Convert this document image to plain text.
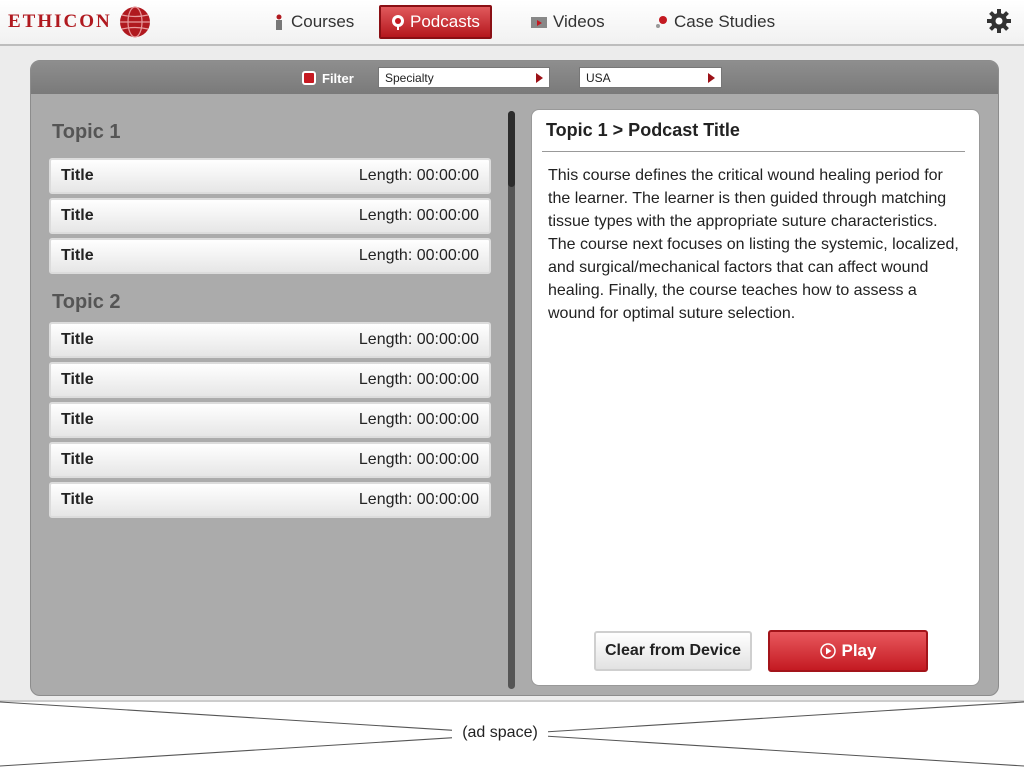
ETHICON	Courses	Podcasts	Videos	Case Studies
Filter	Specialty	USA
Topic 1
Title	Length: 00:00:00
Title	Length: 00:00:00
Title	Length: 00:00:00
Topic 2
Title	Length: 00:00:00
Title	Length: 00:00:00
Title	Length: 00:00:00
Title	Length: 00:00:00
Title	Length: 00:00:00
Topic 1 > Podcast Title
This course defines the critical wound healing period for the learner. The learner is then guided through matching tissue types with the appropriate suture characteristics. The course next focuses on listing the systemic, localized, and surgical/mechanical factors that can affect wound healing. Finally, the course teaches how to assess a wound for optimal suture selection.
Clear from Device	Play
(ad space)
